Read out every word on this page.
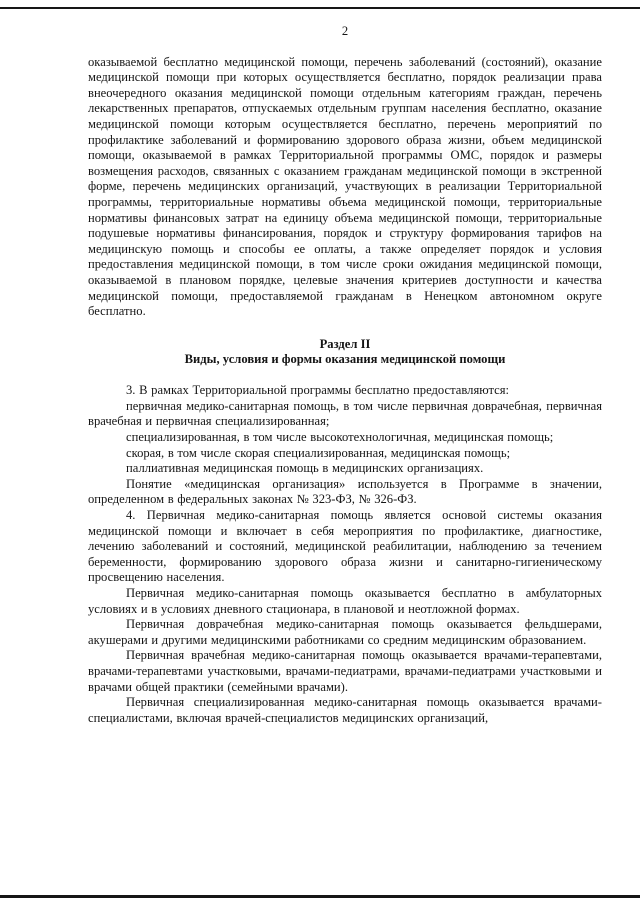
2

оказываемой бесплатно медицинской помощи, перечень заболеваний (состояний), оказание медицинской помощи при которых осуществляется бесплатно, порядок реализации права внеочередного оказания медицинской помощи отдельным категориям граждан, перечень лекарственных препаратов, отпускаемых отдельным группам населения бесплатно, оказание медицинской помощи которым осуществляется бесплатно, перечень мероприятий по профилактике заболеваний и формированию здорового образа жизни, объем медицинской помощи, оказываемой в рамках Территориальной программы ОМС, порядок и размеры возмещения расходов, связанных с оказанием гражданам медицинской помощи в экстренной форме, перечень медицинских организаций, участвующих в реализации Территориальной программы, территориальные нормативы объема медицинской помощи, территориальные нормативы финансовых затрат на единицу объема медицинской помощи, территориальные подушевые нормативы финансирования, порядок и структуру формирования тарифов на медицинскую помощь и способы ее оплаты, а также определяет порядок и условия предоставления медицинской помощи, в том числе сроки ожидания медицинской помощи, оказываемой в плановом порядке, целевые значения критериев доступности и качества медицинской помощи, предоставляемой гражданам в Ненецком автономном округе бесплатно.

Раздел II

Виды, условия и формы оказания медицинской помощи

3. В рамках Территориальной программы бесплатно предоставляются:

первичная медико-санитарная помощь, в том числе первичная доврачебная, первичная врачебная и первичная специализированная;

специализированная, в том числе высокотехнологичная, медицинская помощь;

скорая, в том числе скорая специализированная, медицинская помощь;

паллиативная медицинская помощь в медицинских организациях.

Понятие «медицинская организация» используется в Программе в значении, определенном в федеральных законах № 323-ФЗ, № 326-ФЗ.

4. Первичная медико-санитарная помощь является основой системы оказания медицинской помощи и включает в себя мероприятия по профилактике, диагностике, лечению заболеваний и состояний, медицинской реабилитации, наблюдению за течением беременности, формированию здорового образа жизни и санитарно-гигиеническому просвещению населения.

Первичная медико-санитарная помощь оказывается бесплатно в амбулаторных условиях и в условиях дневного стационара, в плановой и неотложной формах.

Первичная доврачебная медико-санитарная помощь оказывается фельдшерами, акушерами и другими медицинскими работниками со средним медицинским образованием.

Первичная врачебная медико-санитарная помощь оказывается врачами-терапевтами, врачами-терапевтами участковыми, врачами-педиатрами, врачами-педиатрами участковыми и врачами общей практики (семейными врачами).

Первичная специализированная медико-санитарная помощь оказывается врачами-специалистами, включая врачей-специалистов медицинских организаций,
